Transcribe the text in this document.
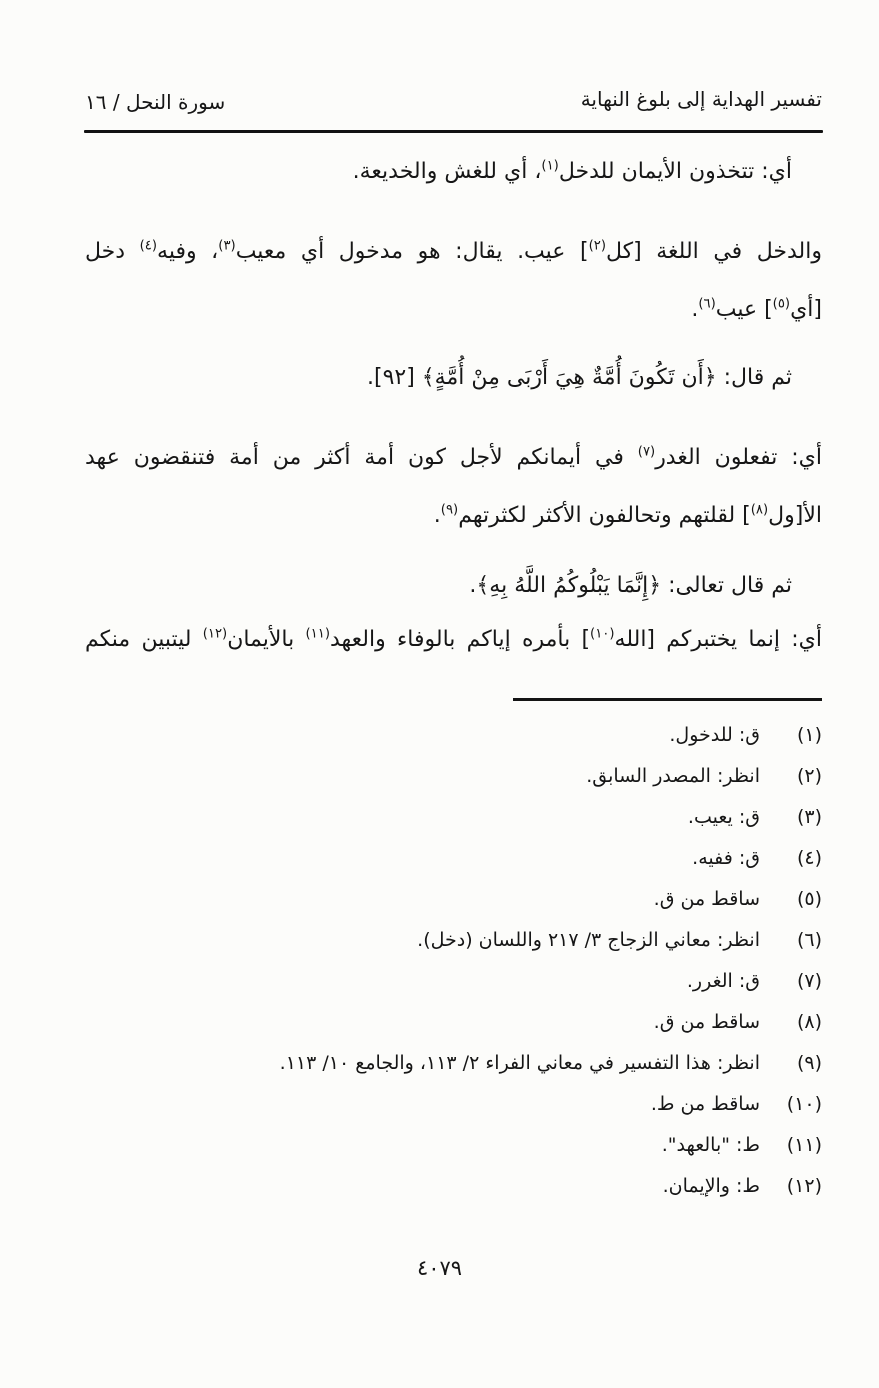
سورة النحل / ١٦	تفسير الهداية إلى بلوغ النهاية
أي: تتخذون الأيمان للدخل$^{(١)}$، أي للغش والخديعة.
والدخل في اللغة [كل$^{(٢)}$] عيب. يقال: هو مدخول أي معيب$^{(٣)}$، وفيه$^{(٤)}$ دخل
[أي$^{(٥)}$] عيب$^{(٦)}$.
ثم قال: ﴿أَن تَكُونَ أُمَّةٌ هِيَ أَرْبَى مِنْ أُمَّةٍ﴾ [٩٢].
أي: تفعلون الغدر$^{(٧)}$ في أيمانكم لأجل كون أمة أكثر من أمة فتنقضون عهد
الأ[ول$^{(٨)}$] لقلتهم وتحالفون الأكثر لكثرتهم$^{(٩)}$.
ثم قال تعالى: ﴿إِنَّمَا يَبْلُوكُمُ اللَّهُ بِهِ﴾.
أي: إنما يختبركم [الله$^{(١٠)}$] بأمره إياكم بالوفاء والعهد$^{(١١)}$ بالأيمان$^{(١٢)}$ ليتبين منكم
(١)
ق: للدخول.
(٢)
انظر: المصدر السابق.
(٣)
ق: يعيب.
(٤)
ق: ففيه.
(٥)
ساقط من ق.
(٦)
انظر: معاني الزجاج ٣/ ٢١٧ واللسان (دخل).
(٧)
ق: الغرر.
(٨)
ساقط من ق.
(٩)
انظر: هذا التفسير في معاني الفراء ٢/ ١١٣، والجامع ١٠/ ١١٣.
(١٠)
ساقط من ط.
(١١)
ط: "بالعهد".
(١٢)
ط: والإيمان.
٤٠٧٩
